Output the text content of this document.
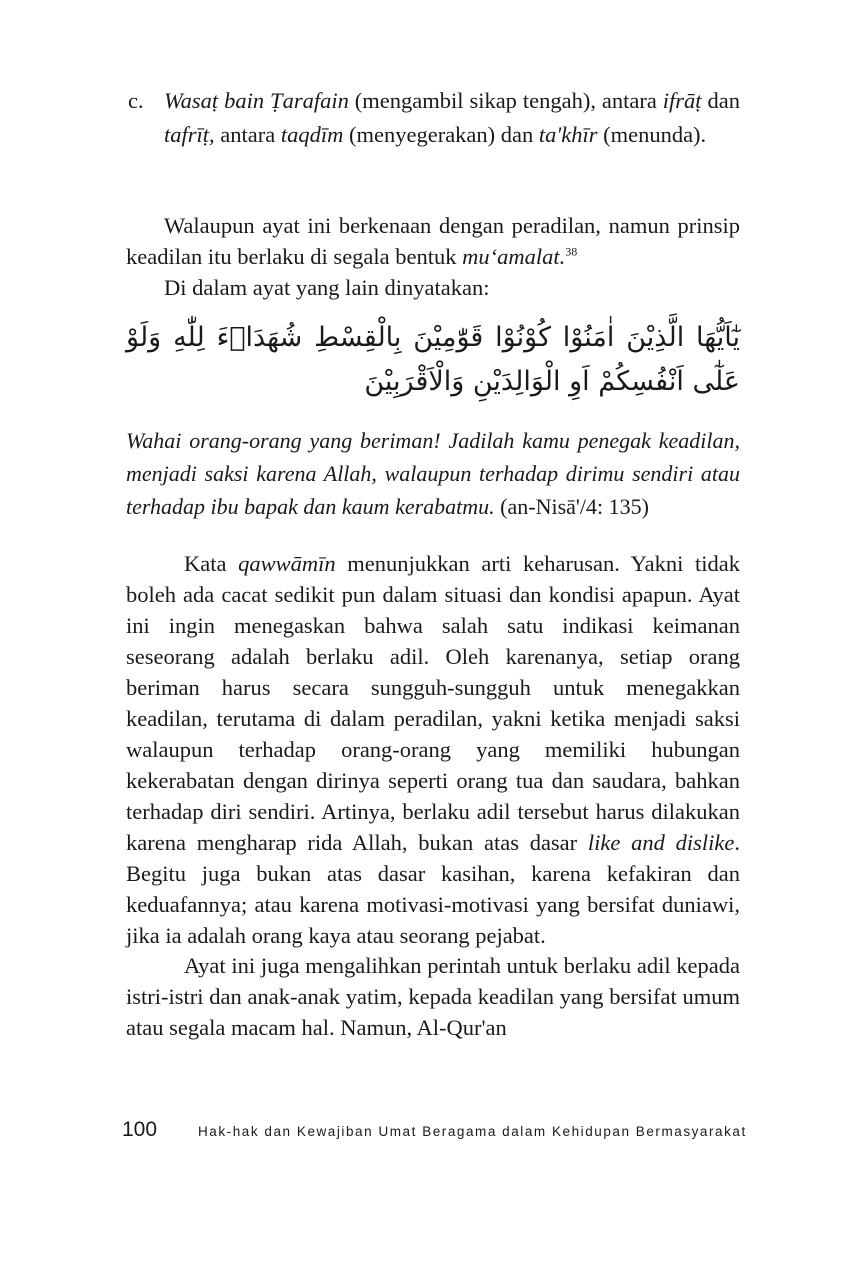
c. Wasaṭ bain Ṭarafain (mengambil sikap tengah), antara ifrāṭ dan tafrīṭ, antara taqdīm (menyegerakan) dan ta'khīr (menunda).

Walaupun ayat ini berkenaan dengan peradilan, namun prinsip keadilan itu berlaku di segala bentuk mu‘amalat.$^{38}$

Di dalam ayat yang lain dinyatakan:

يٰٓاَيُّهَا الَّذِيْنَ اٰمَنُوْا كُوْنُوْا قَوّٰمِيْنَ بِالْقِسْطِ شُهَدَاۤءَ لِلّٰهِ وَلَوْ عَلٰٓى اَنْفُسِكُمْ اَوِ الْوَالِدَيْنِ وَالْاَقْرَبِيْنَ

Wahai orang-orang yang beriman! Jadilah kamu penegak keadilan, menjadi saksi karena Allah, walaupun terhadap dirimu sendiri atau terhadap ibu bapak dan kaum kerabatmu. (an-Nisā'/4: 135)

Kata qawwāmīn menunjukkan arti keharusan. Yakni tidak boleh ada cacat sedikit pun dalam situasi dan kondisi apapun. Ayat ini ingin menegaskan bahwa salah satu indikasi keimanan seseorang adalah berlaku adil. Oleh karenanya, setiap orang beriman harus secara sungguh-sungguh untuk menegakkan keadilan, terutama di dalam peradilan, yakni ketika menjadi saksi walaupun terhadap orang-orang yang memiliki hubungan kekerabatan dengan dirinya seperti orang tua dan saudara, bahkan terhadap diri sendiri. Artinya, berlaku adil tersebut harus dilakukan karena mengharap rida Allah, bukan atas dasar like and dislike. Begitu juga bukan atas dasar kasihan, karena kefakiran dan keduafannya; atau karena motivasi-motivasi yang bersifat duniawi, jika ia adalah orang kaya atau seorang pejabat.

Ayat ini juga mengalihkan perintah untuk berlaku adil kepada istri-istri dan anak-anak yatim, kepada keadilan yang bersifat umum atau segala macam hal. Namun, Al-Qur'an

100	Hak-hak dan Kewajiban Umat Beragama dalam Kehidupan Bermasyarakat
